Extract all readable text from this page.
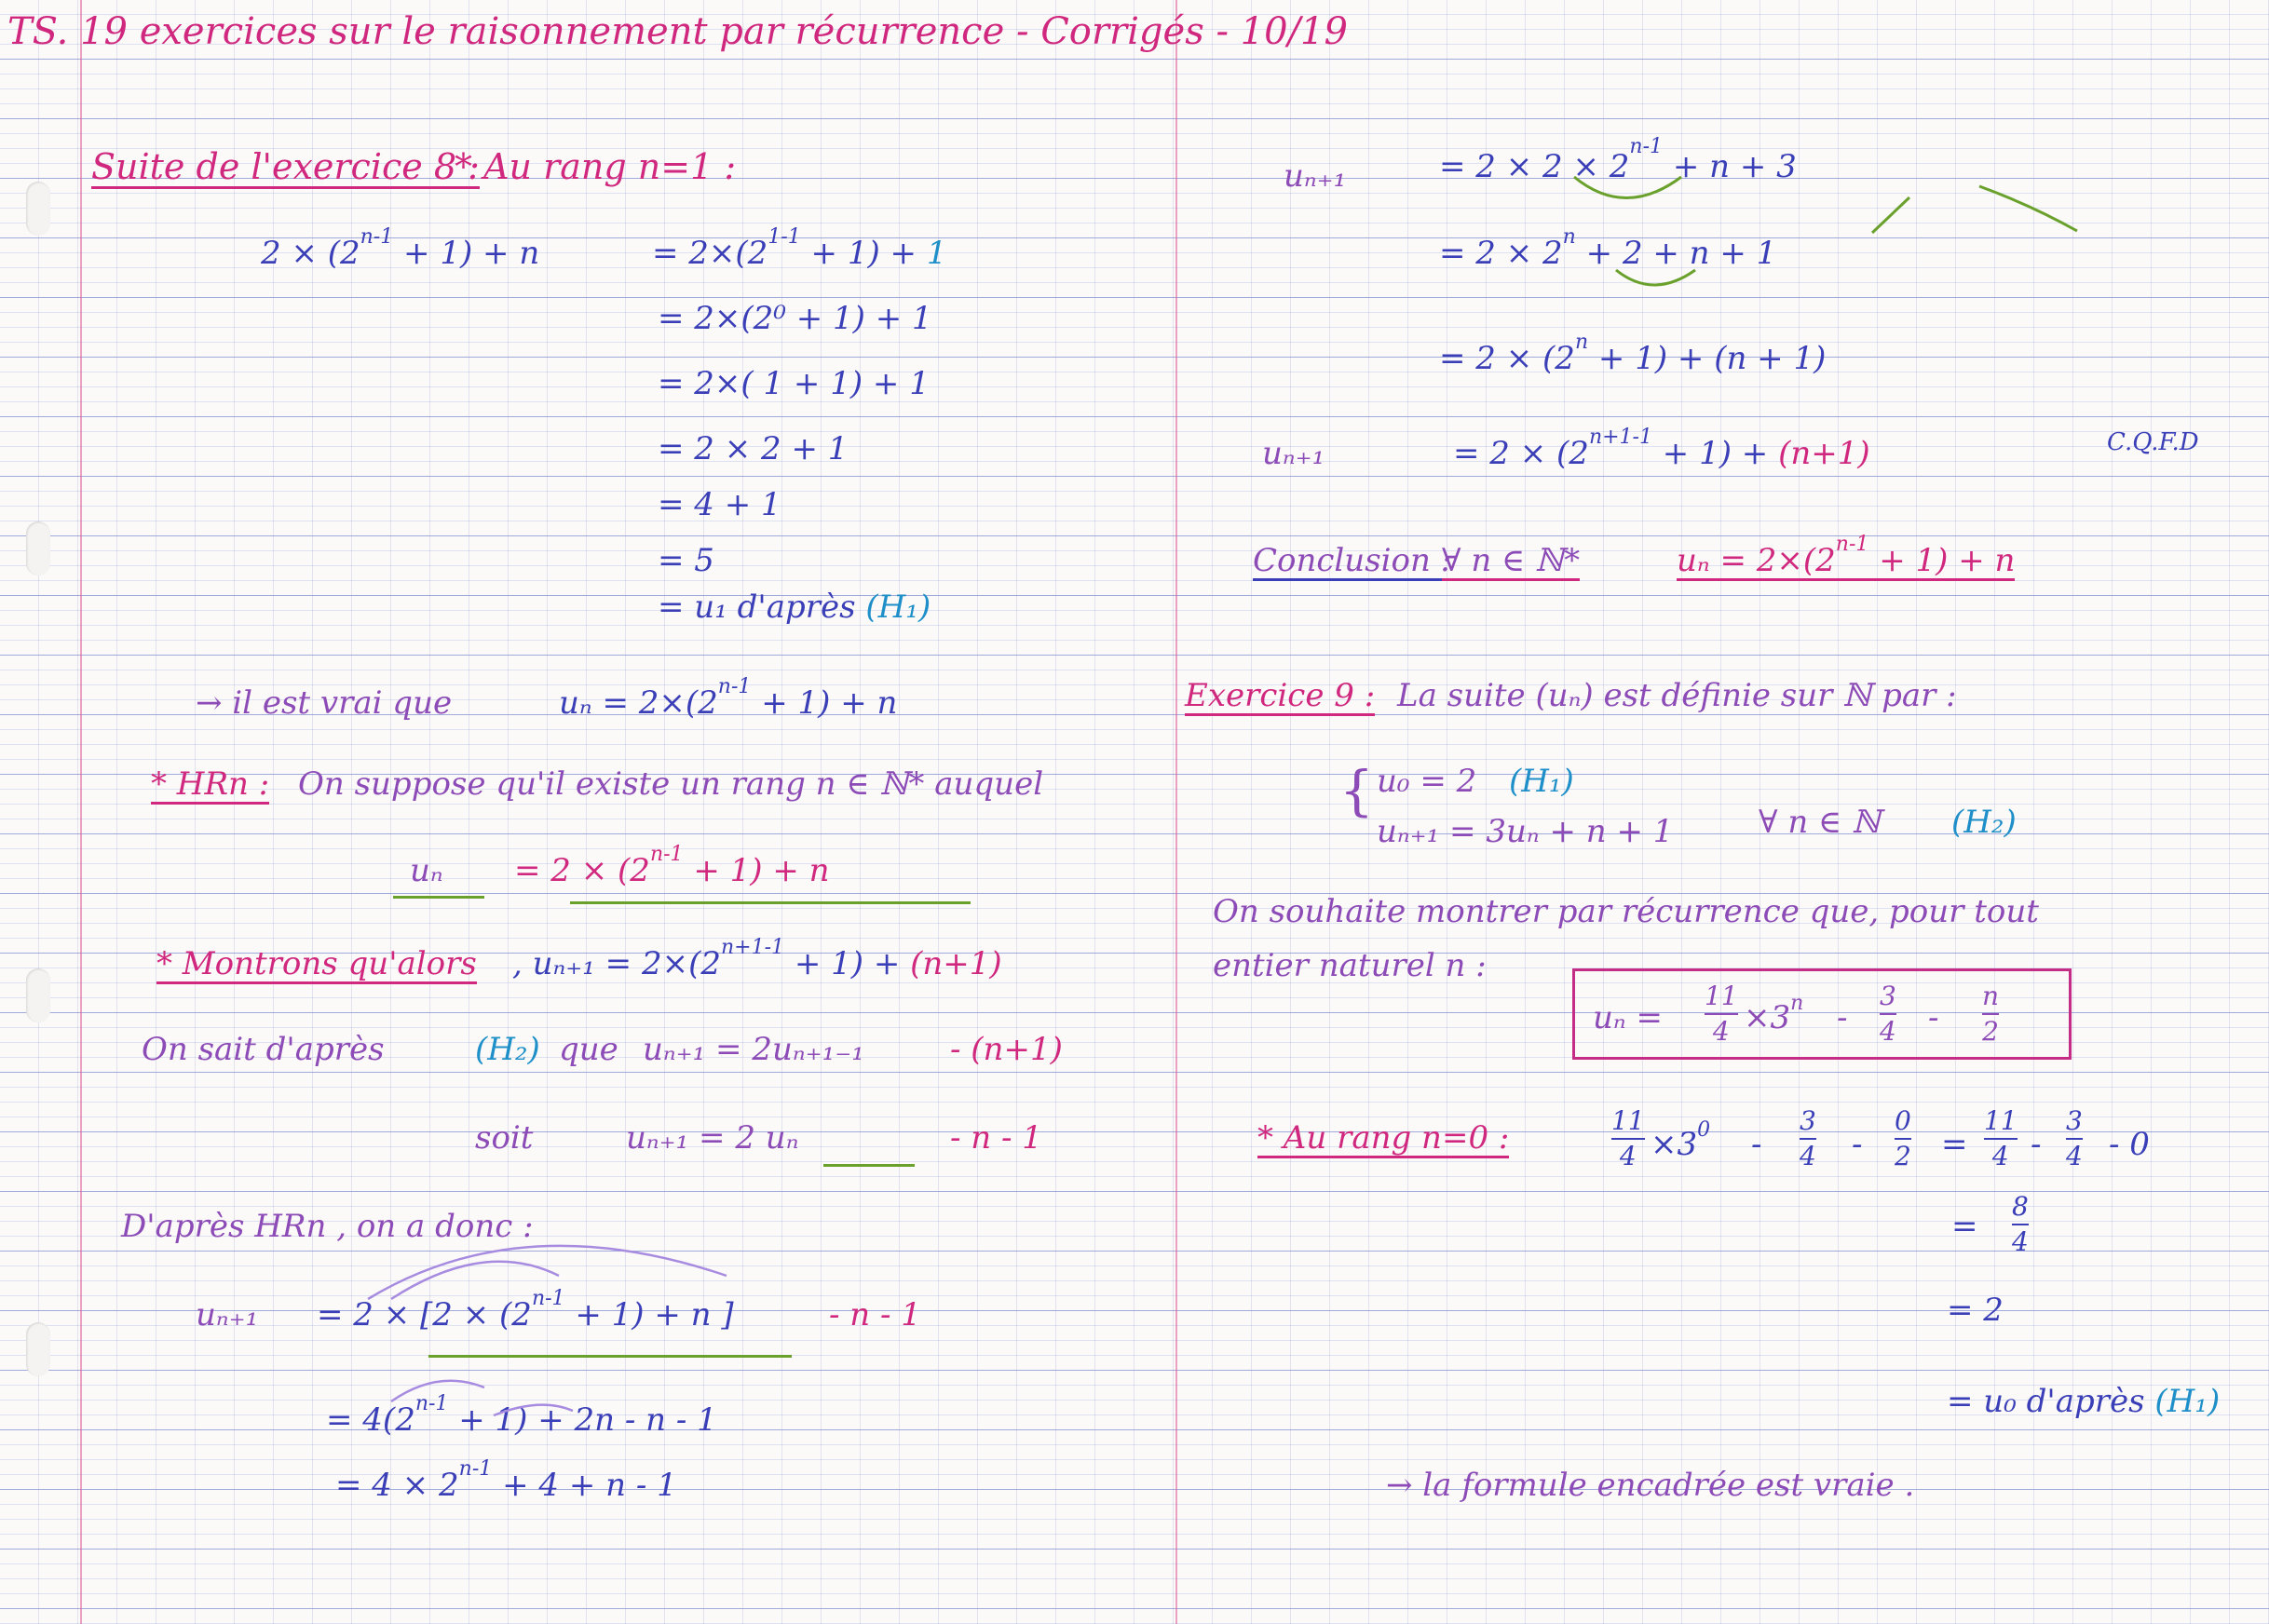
TS. 19 exercices sur le raisonnement par récurrence - Corrigés - 10/19
Suite de l'exercice 8 :
* Au rang n=1 :
$2 \times (2^{n-1} + 1) + n$	= $2\times(2^{1-1} + 1) + 1$
= 2×(2⁰ + 1) + 1
= 2×( 1 + 1) + 1
= 2 × 2 + 1
= 4 + 1
= 5
= u₁ d'après (H₁)
→ il est vrai que	$u_n = 2\times(2^{n-1} + 1) + n$
* HRn : On suppose qu'il existe un rang n ∈ ℕ* auquel
$u_n = 2 \times (2^{n-1} + 1) + n$
* Montrons qu'alors , $u_{n+1} = 2\times(2^{n+1-1} + 1) + (n+1)$
On sait d'après	(H₂) que uₙ₊₁ = 2uₙ₊₁₋₁	- (n+1)
soit	uₙ₊₁ = 2 uₙ	- n - 1
D'après HRn , on a donc :
$u_{n+1} = 2 \times [2 \times (2^{n-1} + 1) + n$ ]	- n - 1
= $4(2^{n-1} + 1) + 2n - n - 1$
= $4 \times 2^{n-1} + 4 + n - 1$
uₙ₊₁	= $2 \times 2 \times 2^{n-1} + n + 3$
= $2 \times 2^n + 2 + n + 1$
= $2 \times (2^n + 1) + (n + 1)$
uₙ₊₁	= $2 \times (2^{n+1-1} + 1) + (n+1)$	C.Q.F.D
Conclusion :
∀ n ∈ ℕ*	$u_n = 2\times(2^{n-1} + 1) + n$
Exercice 9 : La suite (uₙ) est définie sur ℕ par :
{ u₀ = 2 (H₁)
uₙ₊₁ = 3uₙ + n + 1	∀ n ∈ ℕ (H₂)
On souhaite montrer par récurrence que, pour tout
entier naturel n :
uₙ =
11
$4 \times 3^n$ -
3
4 -
n
2
* Au rang n=0 :	11
$4 \times 3^0$ -
3
4 -
0
2 =
11
4 -
3
4 - 0
=
8
4
= 2
= u₀ d'après (H₁)
→ la formule encadrée est vraie .
